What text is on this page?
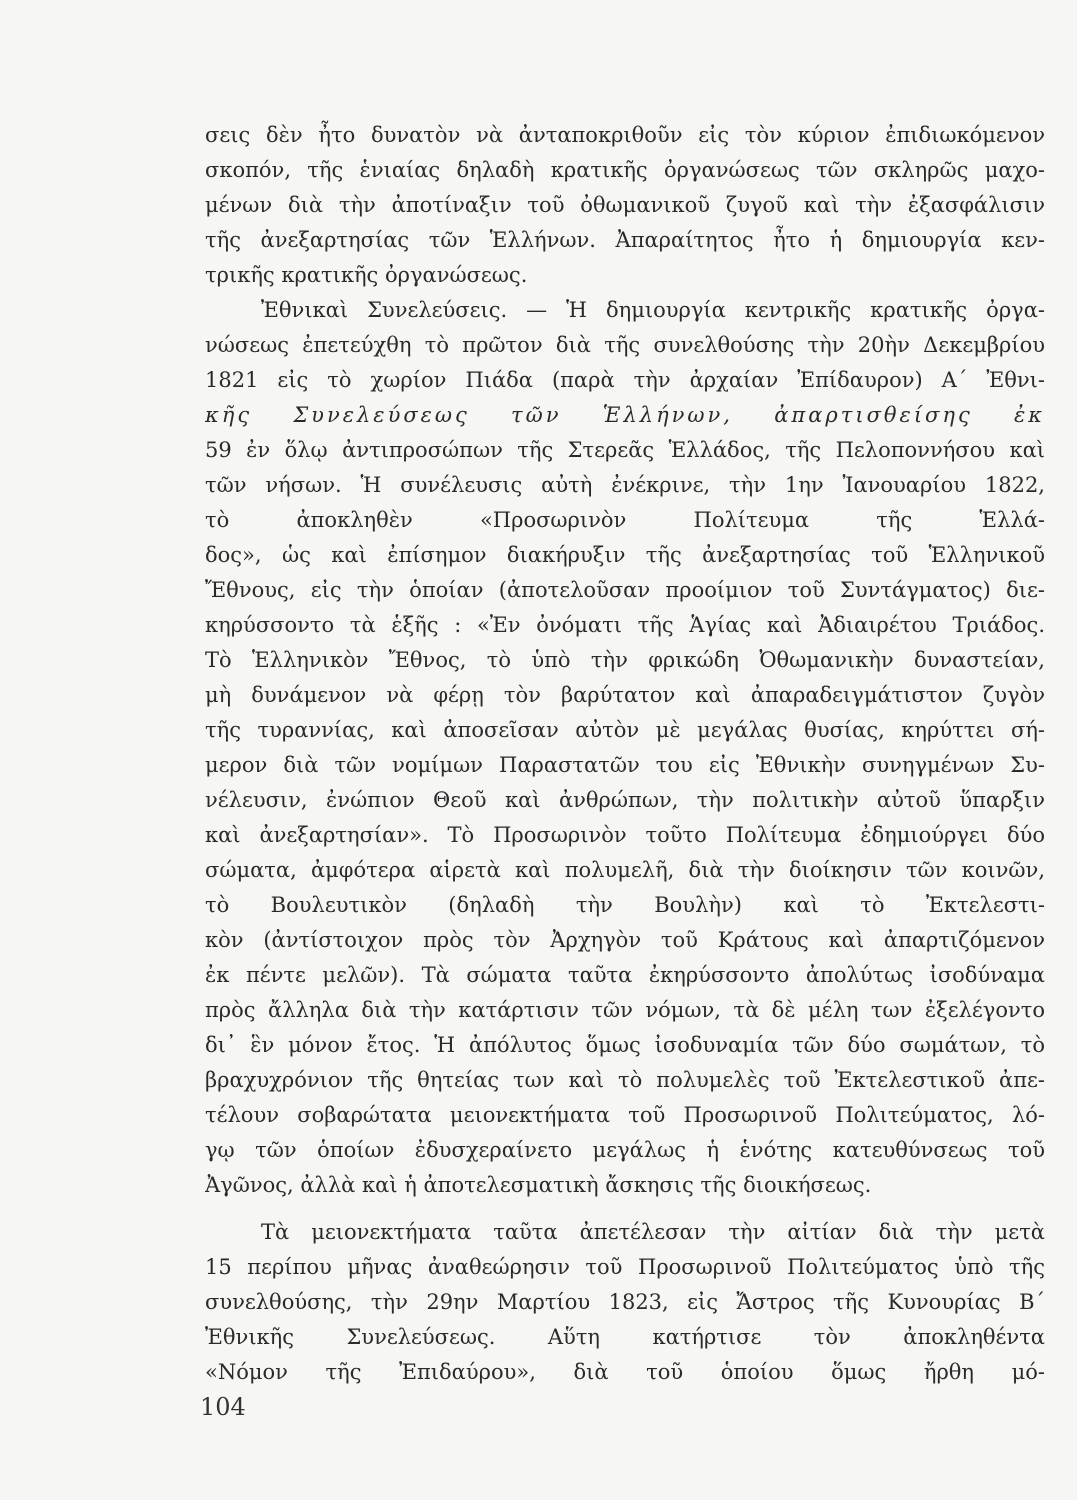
σεις δὲν ἦτο δυνατὸν νὰ ἀνταποκριθοῦν εἰς τὸν κύριον ἐπιδιωκόμενον
σκοπόν, τῆς ἑνιαίας δηλαδὴ κρατικῆς ὀργανώσεως τῶν σκληρῶς μαχο-
μένων διὰ τὴν ἀποτίναξιν τοῦ ὀθωμανικοῦ ζυγοῦ καὶ τὴν ἐξασφάλισιν
τῆς ἀνεξαρτησίας τῶν Ἑλλήνων. Ἀπαραίτητος ἦτο ἡ δημιουργία κεν-
τρικῆς κρατικῆς ὀργανώσεως.
Ἐθνικαὶ Συνελεύσεις. — Ἡ δημιουργία κεντρικῆς κρατικῆς ὀργα-
νώσεως ἐπετεύχθη τὸ πρῶτον διὰ τῆς συνελθούσης τὴν 20ὴν Δεκεμβρίου
1821 εἰς τὸ χωρίον Πιάδα (παρὰ τὴν ἀρχαίαν Ἐπίδαυρον) Α΄ Ἐθνι-
κῆς Συνελεύσεως τῶν Ἑλλήνων, ἀπαρτισθείσης ἐκ
59 ἐν ὅλῳ ἀντιπροσώπων τῆς Στερεᾶς Ἑλλάδος, τῆς Πελοποννήσου καὶ
τῶν νήσων. Ἡ συνέλευσις αὐτὴ ἐνέκρινε, τὴν 1ην Ἰανουαρίου 1822,
τὸ ἀποκληθὲν «Προσωρινὸν Πολίτευμα τῆς Ἑλλά-
δος», ὡς καὶ ἐπίσημον διακήρυξιν τῆς ἀνεξαρτησίας τοῦ Ἑλληνικοῦ
Ἔθνους, εἰς τὴν ὁποίαν (ἀποτελοῦσαν προοίμιον τοῦ Συντάγματος) διε-
κηρύσσοντο τὰ ἑξῆς : «Ἐν ὀνόματι τῆς Ἁγίας καὶ Ἀδιαιρέτου Τριάδος.
Τὸ Ἑλληνικὸν Ἔθνος, τὸ ὑπὸ τὴν φρικώδη Ὀθωμανικὴν δυναστείαν,
μὴ δυνάμενον νὰ φέρῃ τὸν βαρύτατον καὶ ἀπαραδειγμάτιστον ζυγὸν
τῆς τυραννίας, καὶ ἀποσεῖσαν αὐτὸν μὲ μεγάλας θυσίας, κηρύττει σή-
μερον διὰ τῶν νομίμων Παραστατῶν του εἰς Ἐθνικὴν συνηγμένων Συ-
νέλευσιν, ἐνώπιον Θεοῦ καὶ ἀνθρώπων, τὴν πολιτικὴν αὐτοῦ ὕπαρξιν
καὶ ἀνεξαρτησίαν». Τὸ Προσωρινὸν τοῦτο Πολίτευμα ἐδημιούργει δύο
σώματα, ἀμφότερα αἱρετὰ καὶ πολυμελῆ, διὰ τὴν διοίκησιν τῶν κοινῶν,
τὸ Βουλευτικὸν (δηλαδὴ τὴν Βουλὴν) καὶ τὸ Ἐκτελεστι-
κὸν (ἀντίστοιχον πρὸς τὸν Ἀρχηγὸν τοῦ Κράτους καὶ ἀπαρτιζόμενον
ἐκ πέντε μελῶν). Τὰ σώματα ταῦτα ἐκηρύσσοντο ἀπολύτως ἰσοδύναμα
πρὸς ἄλληλα διὰ τὴν κατάρτισιν τῶν νόμων, τὰ δὲ μέλη των ἐξελέγοντο
δι᾽ ἓν μόνον ἔτος. Ἡ ἀπόλυτος ὅμως ἰσοδυναμία τῶν δύο σωμάτων, τὸ
βραχυχρόνιον τῆς θητείας των καὶ τὸ πολυμελὲς τοῦ Ἐκτελεστικοῦ ἀπε-
τέλουν σοβαρώτατα μειονεκτήματα τοῦ Προσωρινοῦ Πολιτεύματος, λό-
γῳ τῶν ὁποίων ἐδυσχεραίνετο μεγάλως ἡ ἑνότης κατευθύνσεως τοῦ
Ἀγῶνος, ἀλλὰ καὶ ἡ ἀποτελεσματικὴ ἄσκησις τῆς διοικήσεως.
Τὰ μειονεκτήματα ταῦτα ἀπετέλεσαν τὴν αἰτίαν διὰ τὴν μετὰ
15 περίπου μῆνας ἀναθεώρησιν τοῦ Προσωρινοῦ Πολιτεύματος ὑπὸ τῆς
συνελθούσης, τὴν 29ην Μαρτίου 1823, εἰς Ἄστρος τῆς Κυνουρίας Β΄
Ἐθνικῆς Συνελεύσεως. Αὕτη κατήρτισε τὸν ἀποκληθέντα
«Νόμον τῆς Ἐπιδαύρου», διὰ τοῦ ὁποίου ὅμως ἤρθη μό-
104
